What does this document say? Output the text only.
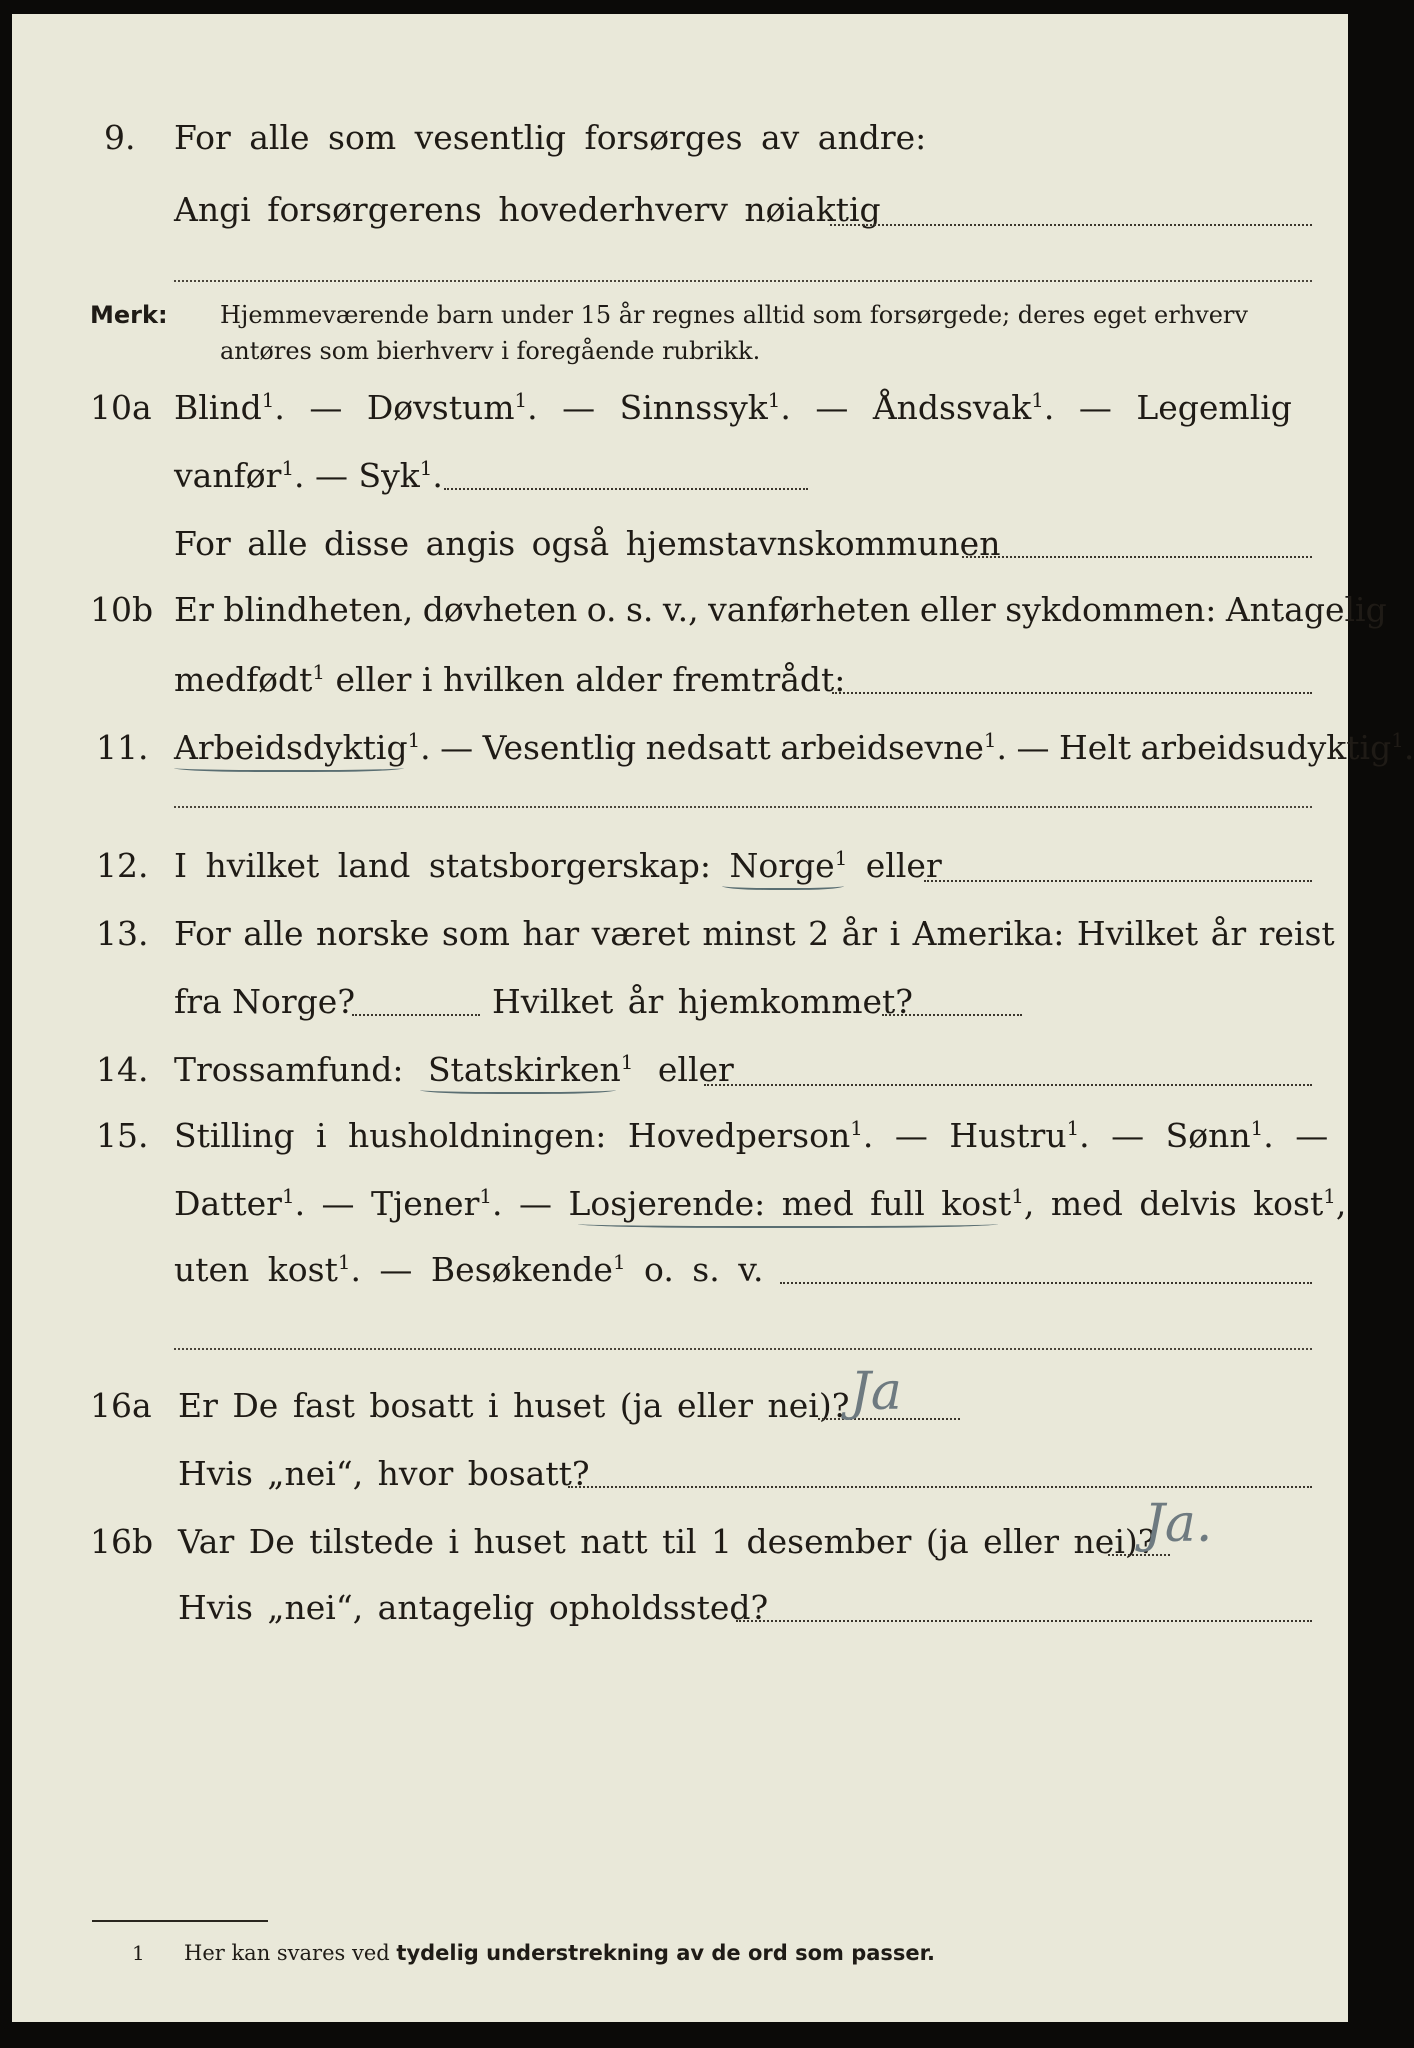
9. For alle som vesentlig forsørges av andre:
Angi forsørgerens hovederhverv nøiaktig
Merk: Hjemmeværende barn under 15 år regnes alltid som forsørgede; deres eget erhverv
antøres som bierhverv i foregående rubrikk.
10a Blind$^1$. — Døvstum$^1$. — Sinnssyk$^1$. — Åndssvak$^1$. — Legemlig
vanfør$^1$. — Syk$^1$.
For alle disse angis også hjemstavnskommunen
10b Er blindheten, døvheten o. s. v., vanførheten eller sykdommen: Antagelig
medfødt$^1$ eller i hvilken alder fremtrådt:
11. Arbeidsdyktig$^1$. — Vesentlig nedsatt arbeidsevne$^1$. — Helt arbeidsudyktig$^1$.
12. I hvilket land statsborgerskap: Norge$^1$ eller
13. For alle norske som har været minst 2 år i Amerika: Hvilket år reist
fra Norge?	Hvilket år hjemkommet?
14. Trossamfund: Statskirken$^1$ eller
15. Stilling i husholdningen: Hovedperson$^1$. — Hustru$^1$. — Sønn$^1$. —
Datter$^1$. — Tjener$^1$. — Losjerende: med full kost$^1$, med delvis kost$^1$,
uten kost$^1$. — Besøkende$^1$ o. s. v.
16a Er De fast bosatt i huset (ja eller nei)? Ja
Hvis „nei“, hvor bosatt?
16b Var De tilstede i huset natt til 1 desember (ja eller nei)?
Ja.
Hvis „nei“, antagelig opholdssted?
1 Her kan svares ved tydelig understrekning av de ord som passer.
